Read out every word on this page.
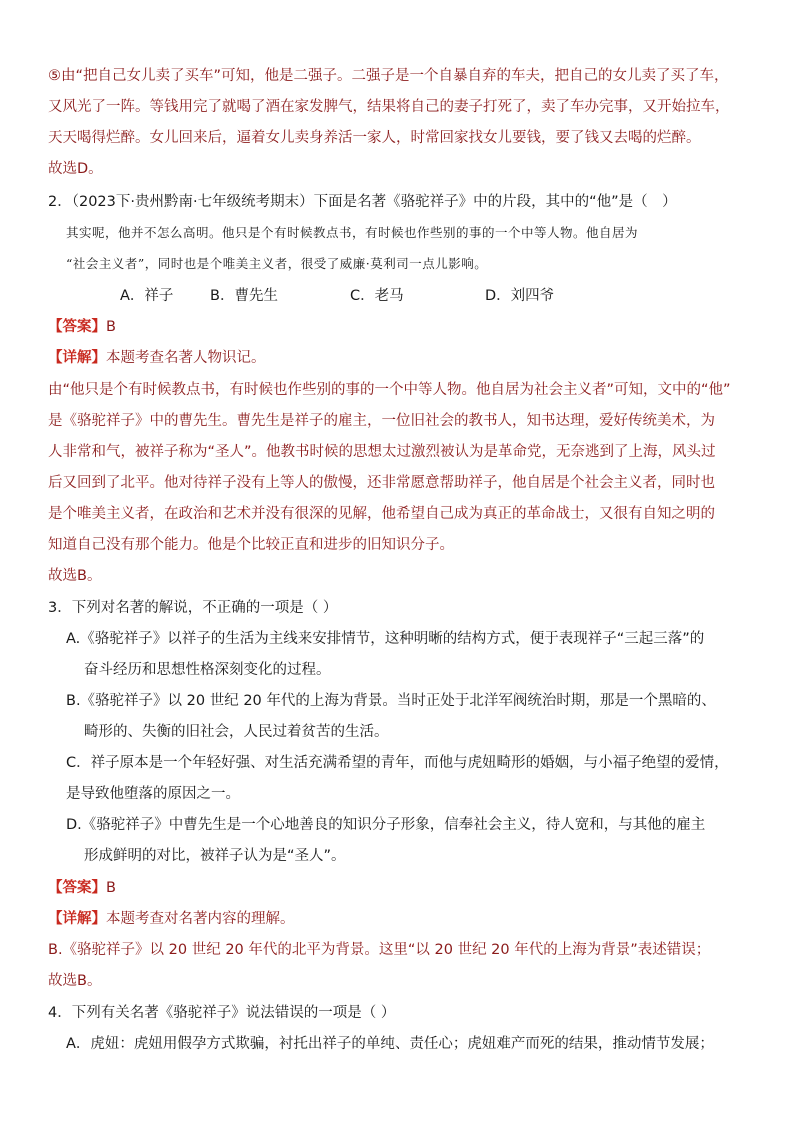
⑤由“把自己女儿卖了买车”可知，他是二强子。二强子是一个自暴自弃的车夫，把自己的女儿卖了买了车，
又风光了一阵。等钱用完了就喝了酒在家发脾气，结果将自己的妻子打死了，卖了车办完事，又开始拉车，
天天喝得烂醉。女儿回来后，逼着女儿卖身养活一家人，时常回家找女儿要钱，要了钱又去喝的烂醉。
故选D。
2．（2023下·贵州黔南·七年级统考期末）下面是名著《骆驼祥子》中的片段，其中的“他”是（　）
其实呢，他并不怎么高明。他只是个有时候教点书，有时候也作些别的事的一个中等人物。他自居为
“社会主义者”，同时也是个唯美主义者，很受了威廉·莫利司一点儿影响。
A．祥子	B．曹先生	C．老马	D．刘四爷
【答案】B
【详解】本题考查名著人物识记。
由“他只是个有时候教点书，有时候也作些别的事的一个中等人物。他自居为社会主义者”可知，文中的“他”
是《骆驼祥子》中的曹先生。曹先生是祥子的雇主，一位旧社会的教书人，知书达理，爱好传统美术，为
人非常和气，被祥子称为“圣人”。他教书时候的思想太过激烈被认为是革命党，无奈逃到了上海，风头过
后又回到了北平。他对待祥子没有上等人的傲慢，还非常愿意帮助祥子，他自居是个社会主义者，同时也
是个唯美主义者，在政治和艺术并没有很深的见解，他希望自己成为真正的革命战士，又很有自知之明的
知道自己没有那个能力。他是个比较正直和进步的旧知识分子。
故选B。
3．下列对名著的解说，不正确的一项是（ ）
A.《骆驼祥子》以祥子的生活为主线来安排情节，这种明晰的结构方式，便于表现祥子“三起三落”的
奋斗经历和思想性格深刻变化的过程。
B.《骆驼祥子》以 20 世纪 20 年代的上海为背景。当时正处于北洋军阀统治时期，那是一个黑暗的、
畸形的、失衡的旧社会，人民过着贫苦的生活。
C．祥子原本是一个年轻好强、对生活充满希望的青年，而他与虎妞畸形的婚姻，与小福子绝望的爱情，
是导致他堕落的原因之一。
D.《骆驼祥子》中曹先生是一个心地善良的知识分子形象，信奉社会主义，待人宽和，与其他的雇主
形成鲜明的对比，被祥子认为是“圣人”。
【答案】B
【详解】本题考查对名著内容的理解。
B.《骆驼祥子》以 20 世纪 20 年代的北平为背景。这里“以 20 世纪 20 年代的上海为背景”表述错误；
故选B。
4．下列有关名著《骆驼祥子》说法错误的一项是（ ）
A．虎妞：虎妞用假孕方式欺骗，衬托出祥子的单纯、责任心；虎妞难产而死的结果，推动情节发展；
